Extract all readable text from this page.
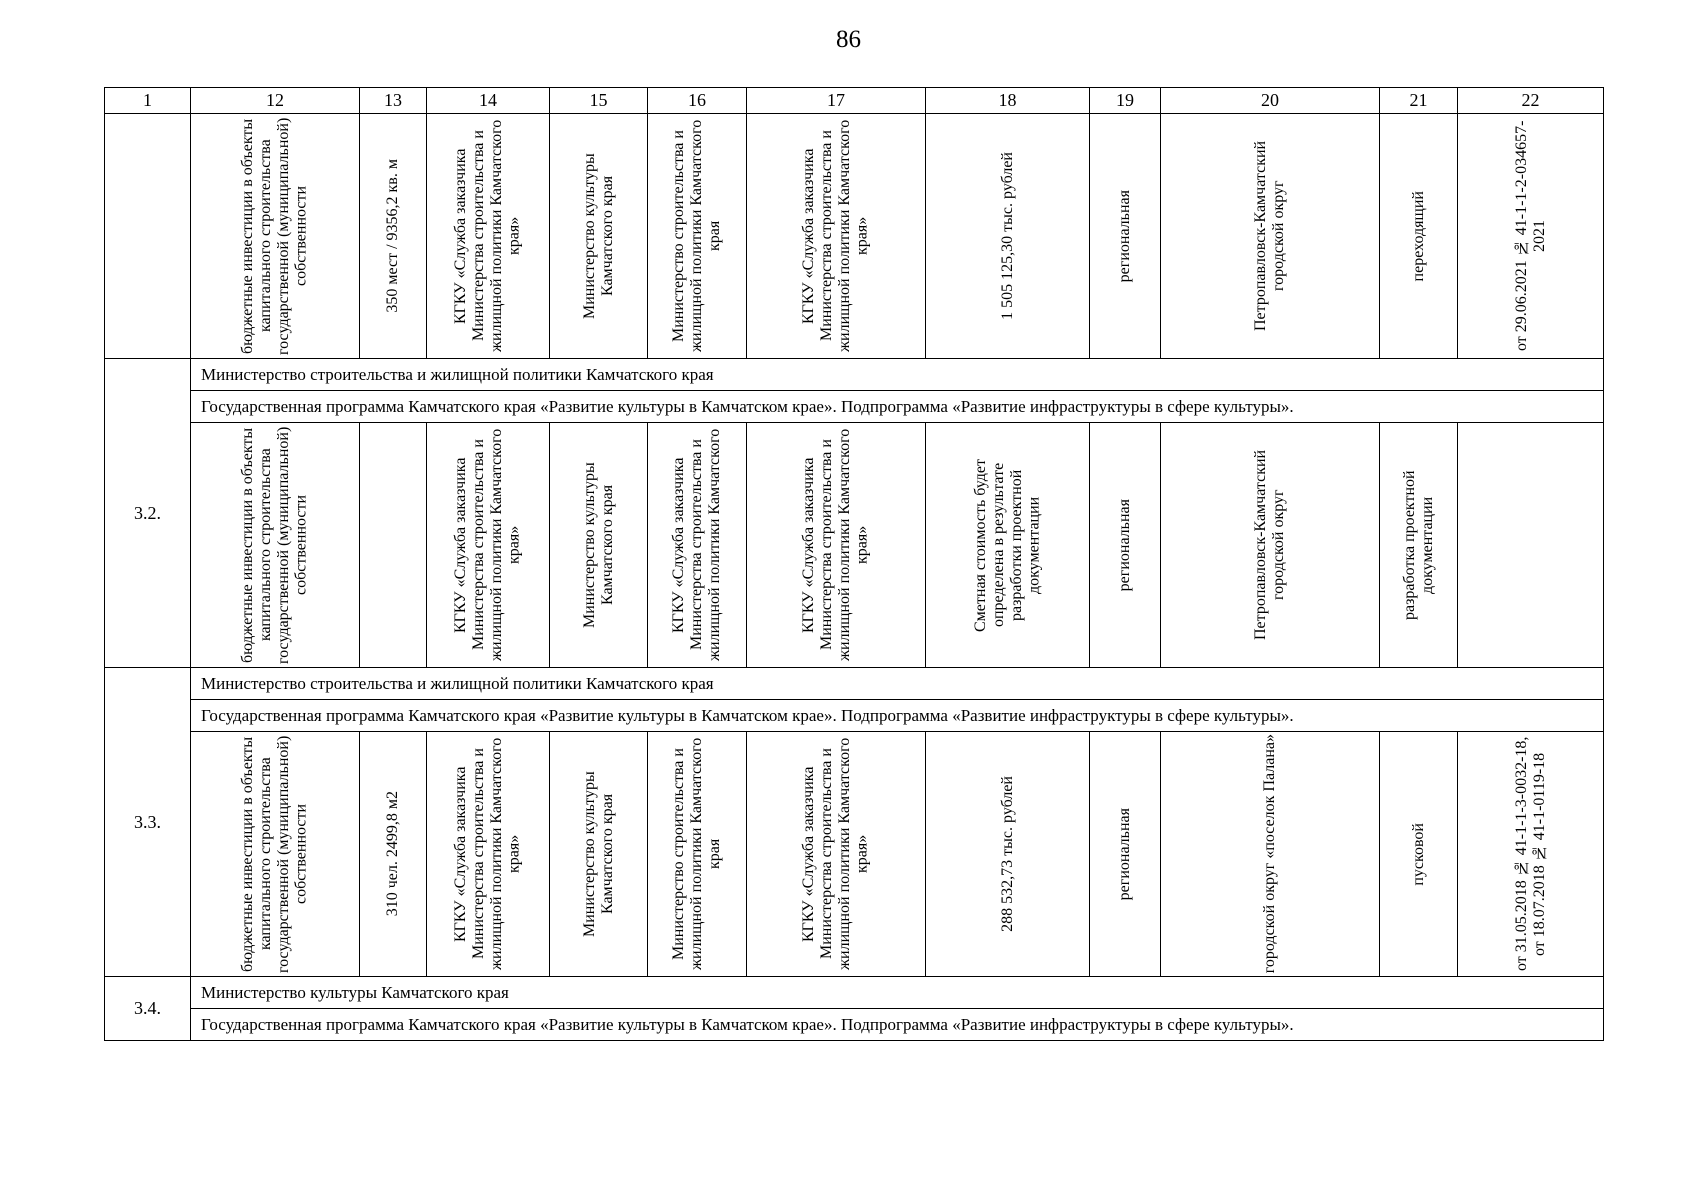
86
1	12	13	14	15	16	17	18	19	20	21	22

	бюджетные инвестиции в объекты капитального строительства государственной (муниципальной) собственности	350 мест / 9356,2 кв. м	КГКУ «Служба заказчика Министерства строительства и жилищной политики Камчатского края»	Министерство культуры Камчатского края	Министерство строительства и жилищной политики Камчатского края	КГКУ «Служба заказчика Министерства строительства и жилищной политики Камчатского края»	1 505 125,30 тыс. рублей	региональная	Петропавловск-Камчатский городской округ	переходящий	от 29.06.2021 № 41-1-1-2-034657-2021

3.2.	Министерство строительства и жилищной политики Камчатского края										
	Государственная программа Камчатского края «Развитие культуры в Камчатском крае». Подпрограмма «Развитие инфраструктуры в сфере культуры».										

	бюджетные инвестиции в объекты капитального строительства государственной (муниципальной) собственности		КГКУ «Служба заказчика Министерства строительства и жилищной политики Камчатского края»	Министерство культуры Камчатского края	КГКУ «Служба заказчика Министерства строительства и жилищной политики Камчатского	КГКУ «Служба заказчика Министерства строительства и жилищной политики Камчатского края»	Сметная стоимость будет определена в результате разработки проектной документации	региональная	Петропавловск-Камчатский городской округ	разработка проектной документации	

3.3.	Министерство строительства и жилищной политики Камчатского края										
	Государственная программа Камчатского края «Развитие культуры в Камчатском крае». Подпрограмма «Развитие инфраструктуры в сфере культуры».										

	бюджетные инвестиции в объекты капитального строительства государственной (муниципальной) собственности	310 чел. 2499,8 м2	КГКУ «Служба заказчика Министерства строительства и жилищной политики Камчатского края»	Министерство культуры Камчатского края	Министерство строительства и жилищной политики Камчатского края	КГКУ «Служба заказчика Министерства строительства и жилищной политики Камчатского края»	288 532,73 тыс. рублей	региональная	городской округ «поселок Палана»	пусковой	от 31.05.2018 № 41-1-1-3-0032-18, от 18.07.2018 № 41-1-0119-18

3.4.	Министерство культуры Камчатского края										
	Государственная программа Камчатского края «Развитие культуры в Камчатском крае». Подпрограмма «Развитие инфраструктуры в сфере культуры».										
